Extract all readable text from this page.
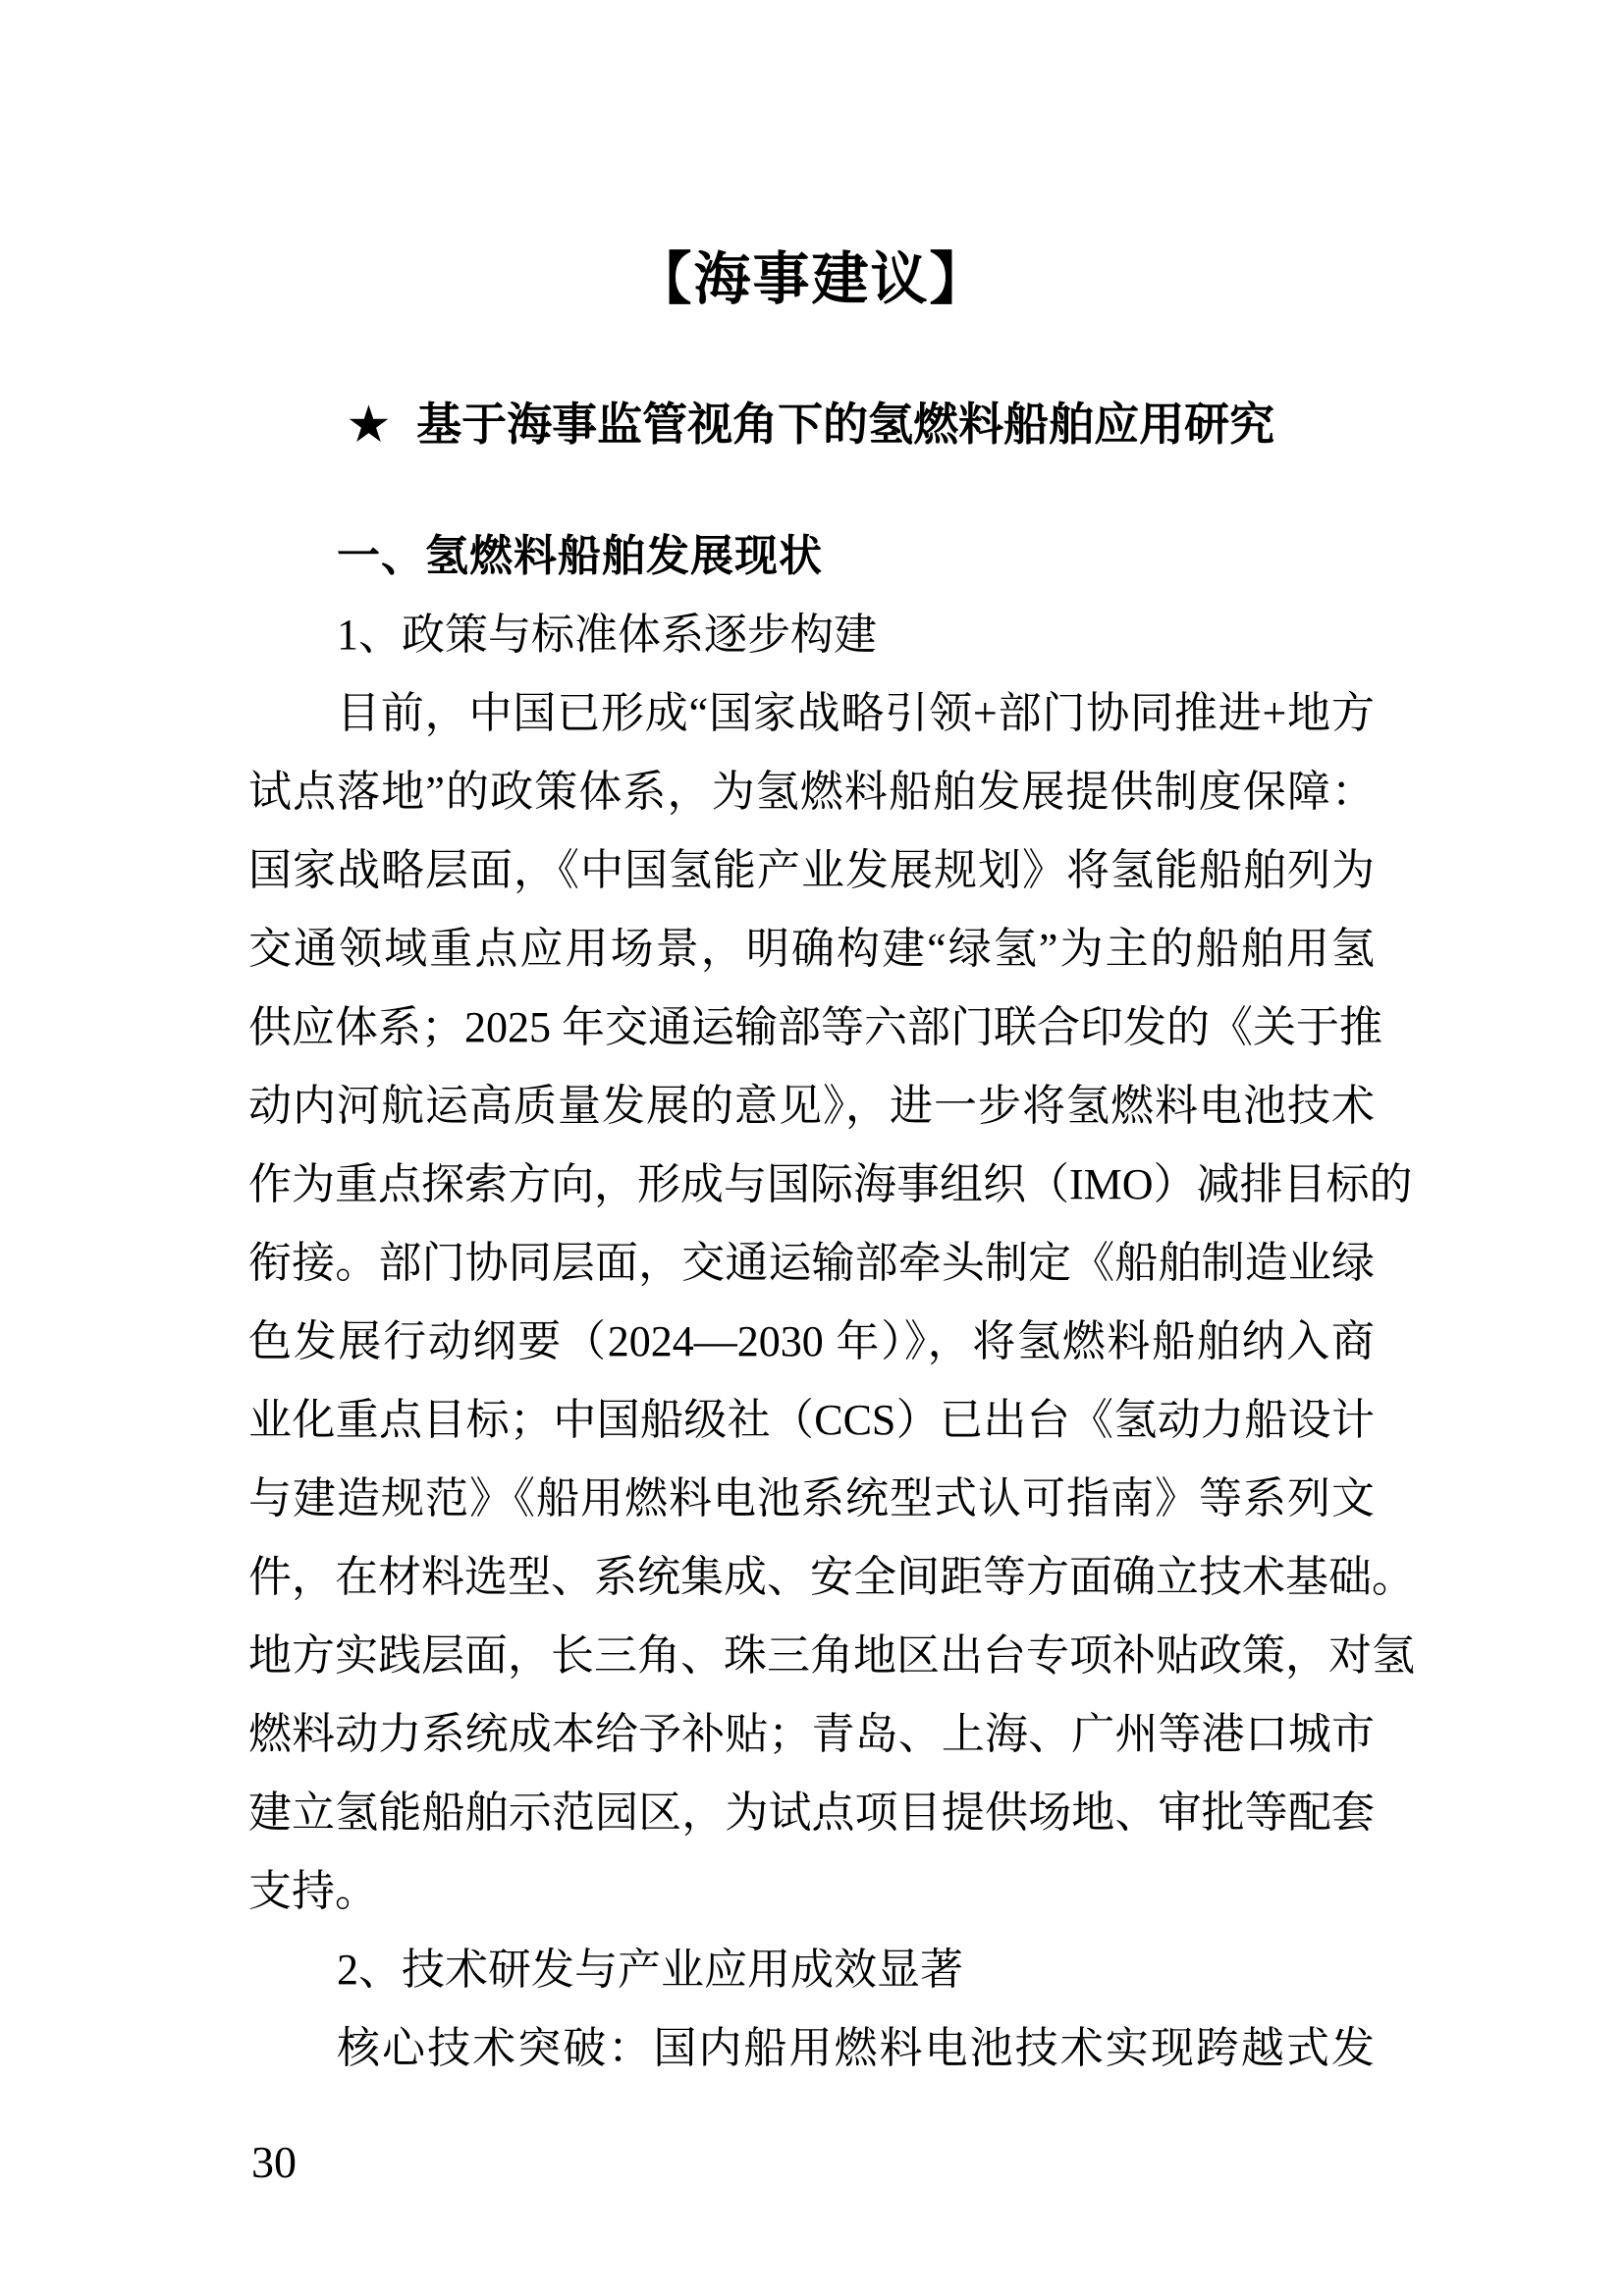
【海事建议】
★ 基于海事监管视角下的氢燃料船舶应用研究
一、氢燃料船舶发展现状
1、政策与标准体系逐步构建
目前，中国已形成“国家战略引领+部门协同推进+地方
试点落地”的政策体系，为氢燃料船舶发展提供制度保障：
国家战略层面，《中国氢能产业发展规划》将氢能船舶列为
交通领域重点应用场景，明确构建“绿氢”为主的船舶用氢
供应体系；2025 年交通运输部等六部门联合印发的《关于推
动内河航运高质量发展的意见》，进一步将氢燃料电池技术
作为重点探索方向，形成与国际海事组织（IMO）减排目标的
衔接。部门协同层面，交通运输部牵头制定《船舶制造业绿
色发展行动纲要（2024—2030 年）》，将氢燃料船舶纳入商
业化重点目标；中国船级社（CCS）已出台《氢动力船设计
与建造规范》《船用燃料电池系统型式认可指南》等系列文
件，在材料选型、系统集成、安全间距等方面确立技术基础。
地方实践层面，长三角、珠三角地区出台专项补贴政策，对氢
燃料动力系统成本给予补贴；青岛、上海、广州等港口城市
建立氢能船舶示范园区，为试点项目提供场地、审批等配套
支持。
2、技术研发与产业应用成效显著
核心技术突破：国内船用燃料电池技术实现跨越式发
30
